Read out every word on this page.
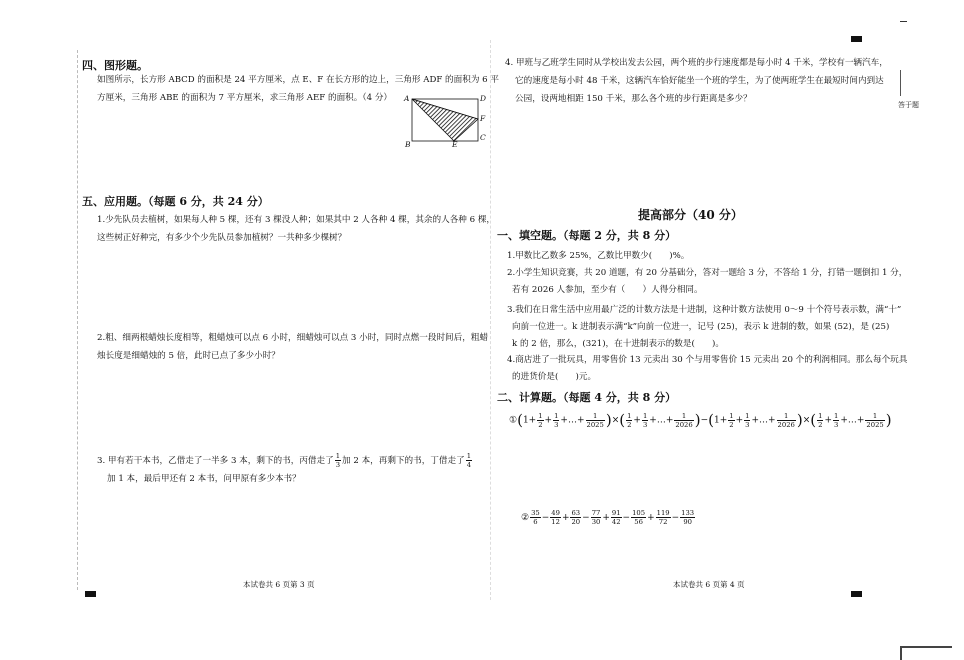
答于题
四、图形题。
如图所示，长方形 ABCD 的面积是 24 平方厘米，点 E、F 在长方形的边上，三角形 ADF 的面积为 6 平
方厘米，三角形 ABE 的面积为 7 平方厘米，求三角形 AEF 的面积。（4 分） A	D
F
B	E
C
五、应用题。（每题 6 分，共 24 分）
1.少先队员去植树，如果每人种 5 棵，还有 3 棵没人种；如果其中 2 人各种 4 棵，其余的人各种 6 棵，
这些树正好种完，有多少个少先队员参加植树？一共种多少棵树？
2.粗、细两根蜡烛长度相等，粗蜡烛可以点 6 小时，细蜡烛可以点 3 小时，同时点燃一段时间后，粗蜡
烛长度是细蜡烛的 5 倍，此时已点了多少小时？
3. 甲有若干本书，乙借走了一半多 3 本，剩下的书，丙借走了 $\frac{1}{3}$ 加 2 本，再剩下的书，丁借走了 $\frac{1}{4}$
加 1 本，最后甲还有 2 本书，问甲原有多少本书？
本试卷共 6 页第 3 页
4. 甲班与乙班学生同时从学校出发去公园，两个班的步行速度都是每小时 4 千米，学校有一辆汽车，
它的速度是每小时 48 千米，这辆汽车恰好能坐一个班的学生，为了使两班学生在最短时间内到达
公园，设两地相距 150 千米，那么各个班的步行距离是多少？
提高部分（40 分）
一、填空题。（每题 2 分，共 8 分）
1.甲数比乙数多 25%，乙数比甲数少(　　)%。
2.小学生知识竞赛，共 20 道题，有 20 分基础分，答对一题给 3 分，不答给 1 分，打错一题倒扣 1 分，
若有 2026 人参加，至少有（　　）人得分相同。
3.我们在日常生活中应用最广泛的计数方法是十进制，这种计数方法使用 0～9 十个符号表示数，满“十”
向前一位进一。k 进制表示满“k”向前一位进一，记号 (25)，表示 k 进制的数，如果 (52)，是 (25)
k 的 2 倍，那么，(321)，在十进制表示的数是(　　)。
4.商店进了一批玩具，用零售价 13 元卖出 30 个与用零售价 15 元卖出 20 个的利润相同。那么每个玩具
的进货价是(　　)元。
二、计算题。（每题 4 分，共 8 分）
①(1+ $\frac{1}{2} + \frac{1}{3}$ +…+ $\frac{1}{2025}$ )×( $\frac{1}{2} + \frac{1}{3}$ +…+ $\frac{1}{2026} )-(1+ \frac{1}{2} + \frac{1}{3}$ +…+ $\frac{1}{2026}$ )×( $\frac{1}{2} + \frac{1}{3}$ +…+ $\frac{1}{2025}$ )
② $\frac{35}{6} - \frac{49}{12} + \frac{63}{20} - \frac{77}{30} + \frac{91}{42} - \frac{105}{56} + \frac{119}{72} - \frac{133}{90}$
本试卷共 6 页第 4 页
